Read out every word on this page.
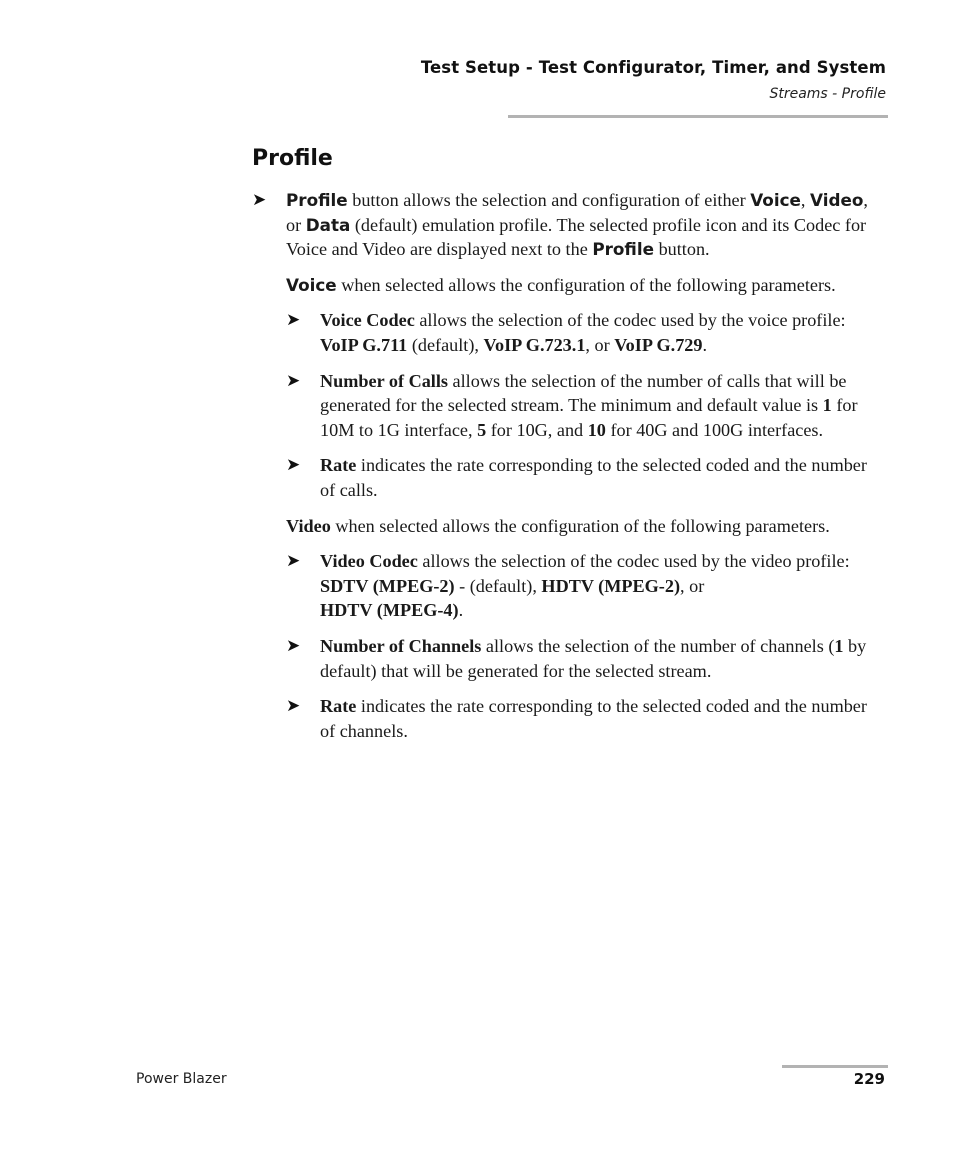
Test Setup - Test Configurator, Timer, and System
Streams - Profile
Profile
➤ Profile button allows the selection and configuration of either Voice, Video, or Data (default) emulation profile. The selected profile icon and its Codec for Voice and Video are displayed next to the Profile button.

Voice when selected allows the configuration of the following parameters.

➤ Voice Codec allows the selection of the codec used by the voice profile: VoIP G.711 (default), VoIP G.723.1, or VoIP G.729.
➤ Number of Calls allows the selection of the number of calls that will be generated for the selected stream. The minimum and default value is 1 for 10M to 1G interface, 5 for 10G, and 10 for 40G and 100G interfaces.
➤ Rate indicates the rate corresponding to the selected coded and the number of calls.

Video when selected allows the configuration of the following parameters.

➤ Video Codec allows the selection of the codec used by the video profile: SDTV (MPEG-2) - (default), HDTV (MPEG-2), or
HDTV (MPEG-4).
➤ Number of Channels allows the selection of the number of channels (1 by default) that will be generated for the selected stream.
➤ Rate indicates the rate corresponding to the selected coded and the number of channels.
Power Blazer	229
